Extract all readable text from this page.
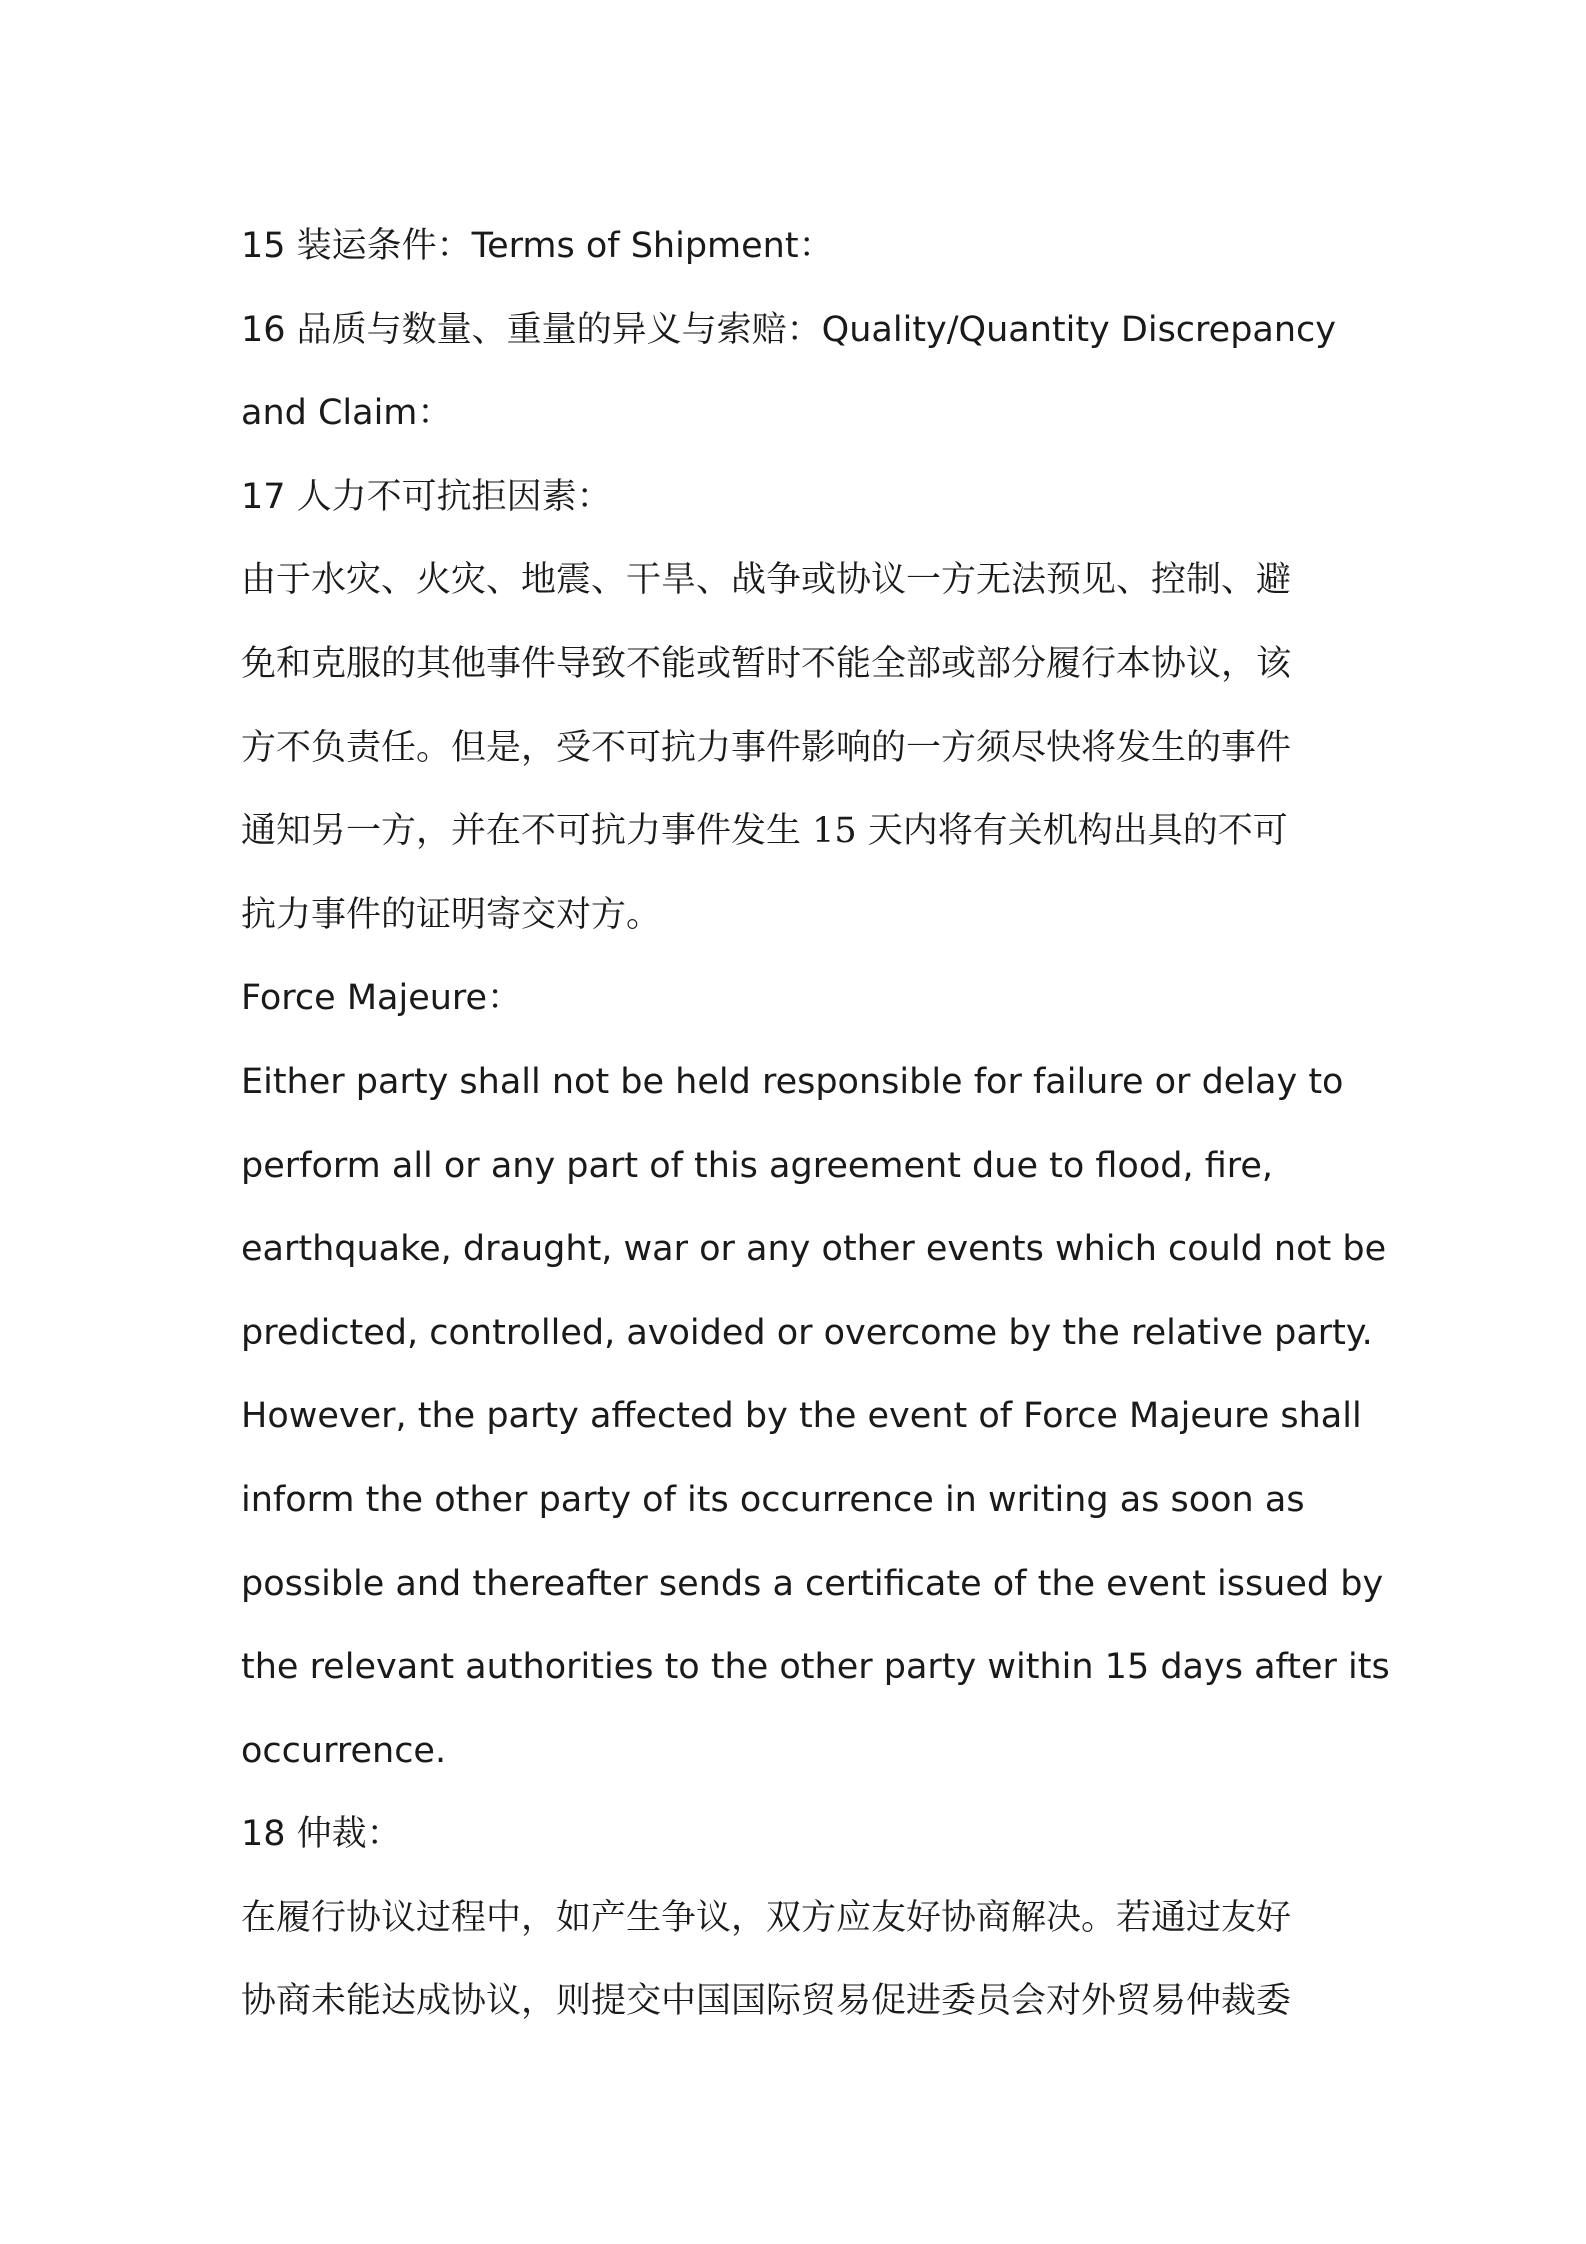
15 装运条件：Terms of Shipment：
16 品质与数量、重量的异义与索赔：Quality/Quantity Discrepancy
and Claim：
17 人力不可抗拒因素：
由于水灾、火灾、地震、干旱、战争或协议一方无法预见、控制、避
免和克服的其他事件导致不能或暂时不能全部或部分履行本协议，该
方不负责任。但是，受不可抗力事件影响的一方须尽快将发生的事件
通知另一方，并在不可抗力事件发生 15 天内将有关机构出具的不可
抗力事件的证明寄交对方。
Force Majeure：
Either party shall not be held responsible for failure or delay to
perform all or any part of this agreement due to flood, fire,
earthquake, draught, war or any other events which could not be
predicted, controlled, avoided or overcome by the relative party.
However, the party affected by the event of Force Majeure shall
inform the other party of its occurrence in writing as soon as
possible and thereafter sends a certificate of the event issued by
the relevant authorities to the other party within 15 days after its
occurrence.
18 仲裁：
在履行协议过程中，如产生争议，双方应友好协商解决。若通过友好
协商未能达成协议，则提交中国国际贸易促进委员会对外贸易仲裁委
